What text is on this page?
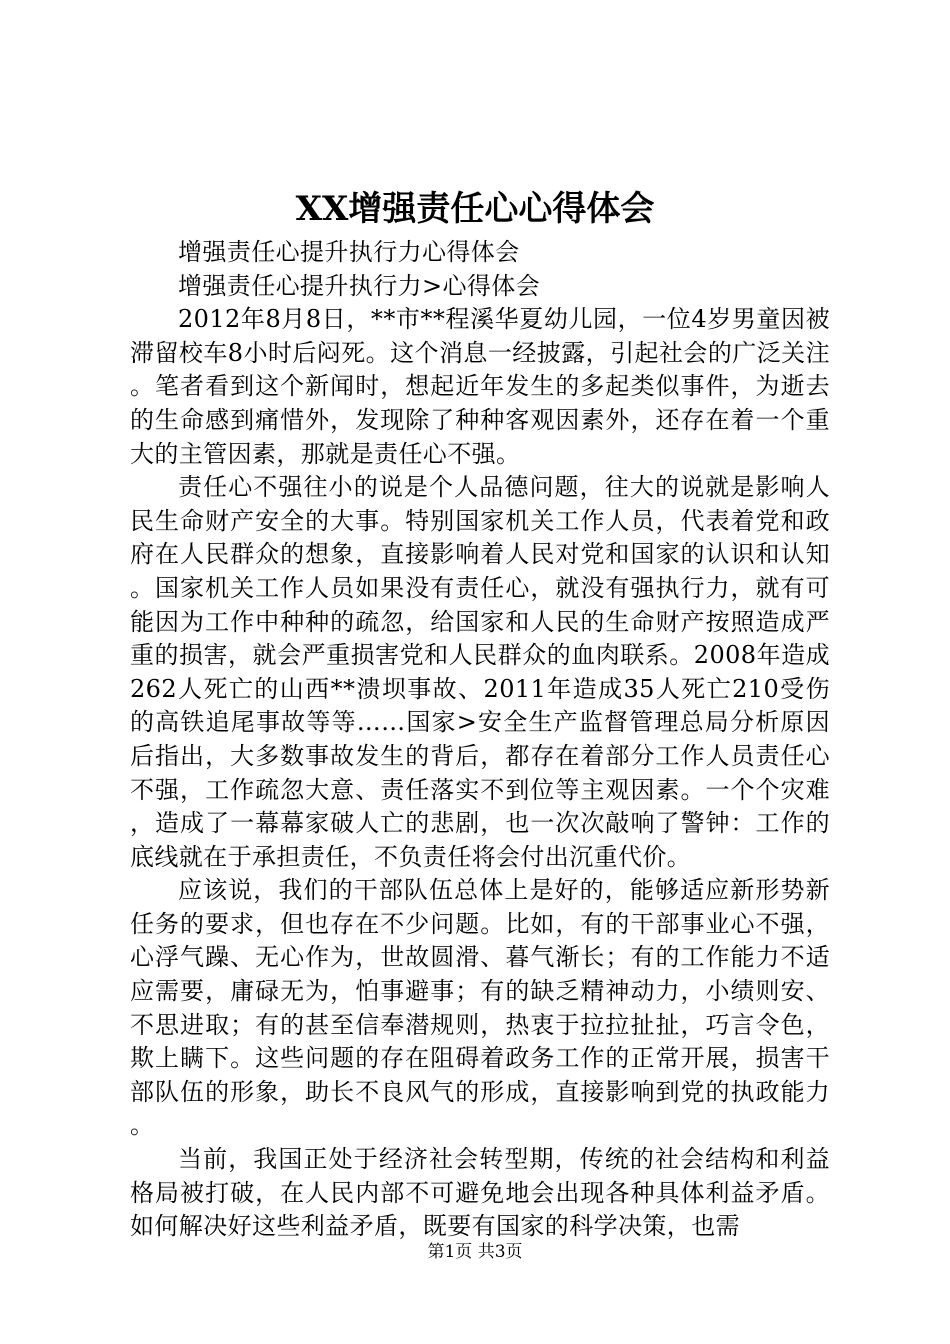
XX增强责任心心得体会

增强责任心提升执行力心得体会

增强责任心提升执行力>心得体会

2012年8月8日，**市**程溪华夏幼儿园，一位4岁男童因被滞留校车8小时后闷死。这个消息一经披露，引起社会的广泛关注。笔者看到这个新闻时，想起近年发生的多起类似事件，为逝去的生命感到痛惜外，发现除了种种客观因素外，还存在着一个重大的主管因素，那就是责任心不强。

责任心不强往小的说是个人品德问题，往大的说就是影响人民生命财产安全的大事。特别国家机关工作人员，代表着党和政府在人民群众的想象，直接影响着人民对党和国家的认识和认知。国家机关工作人员如果没有责任心，就没有强执行力，就有可能因为工作中种种的疏忽，给国家和人民的生命财产按照造成严重的损害，就会严重损害党和人民群众的血肉联系。2008年造成262人死亡的山西**溃坝事故、2011年造成35人死亡210受伤的高铁追尾事故等等……国家>安全生产监督管理总局分析原因后指出，大多数事故发生的背后，都存在着部分工作人员责任心不强，工作疏忽大意、责任落实不到位等主观因素。一个个灾难，造成了一幕幕家破人亡的悲剧，也一次次敲响了警钟：工作的底线就在于承担责任，不负责任将会付出沉重代价。

应该说，我们的干部队伍总体上是好的，能够适应新形势新任务的要求，但也存在不少问题。比如，有的干部事业心不强，心浮气躁、无心作为，世故圆滑、暮气渐长；有的工作能力不适应需要，庸碌无为，怕事避事；有的缺乏精神动力，小绩则安、不思进取；有的甚至信奉潜规则，热衷于拉拉扯扯，巧言令色，欺上瞒下。这些问题的存在阻碍着政务工作的正常开展，损害干部队伍的形象，助长不良风气的形成，直接影响到党的执政能力。

当前，我国正处于经济社会转型期，传统的社会结构和利益格局被打破，在人民内部不可避免地会出现各种具体利益矛盾。如何解决好这些利益矛盾，既要有国家的科学决策，也需

第1页 共3页
